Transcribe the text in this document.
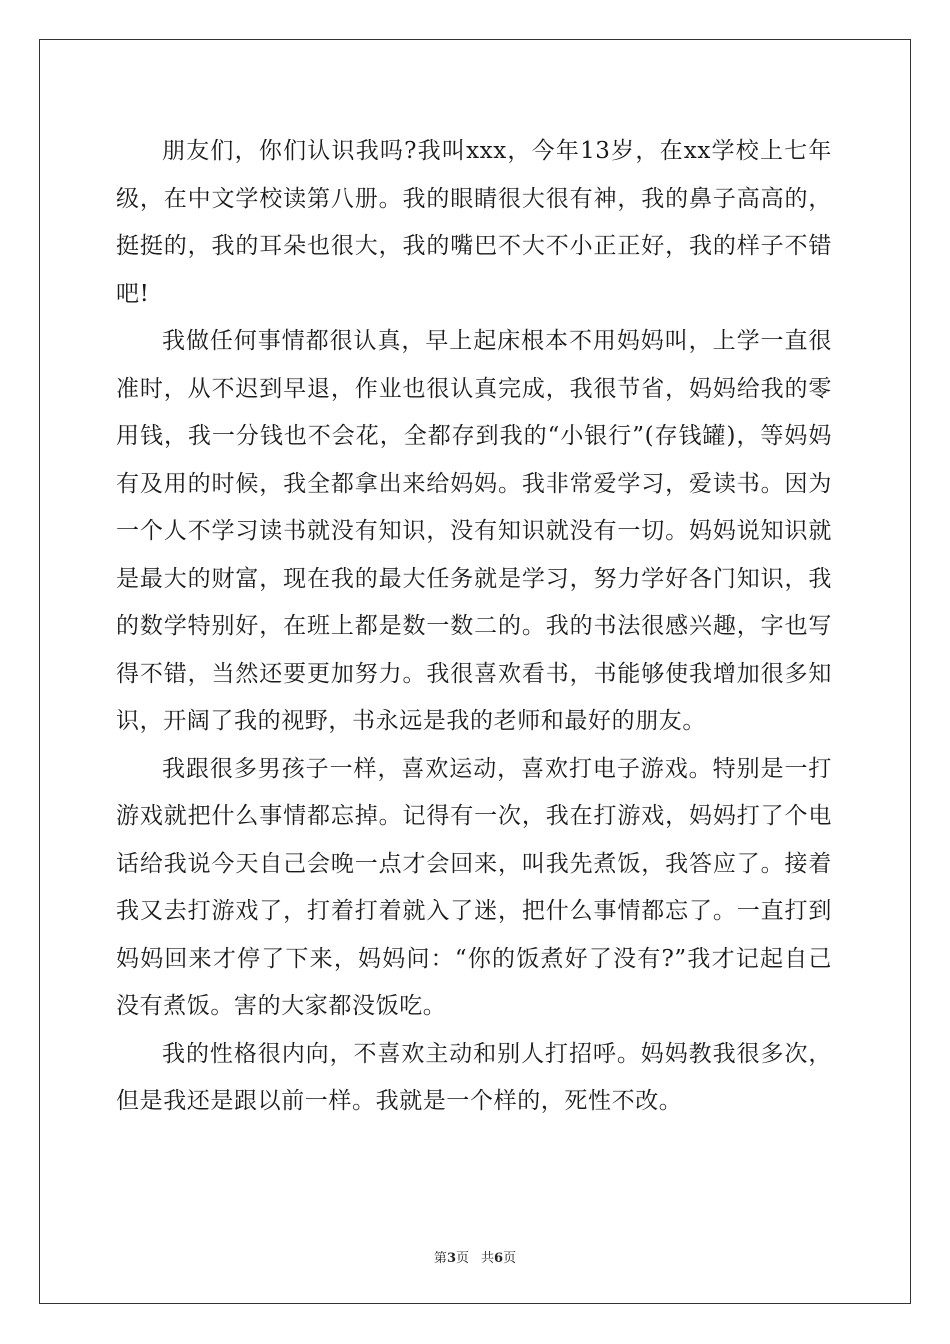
朋友们，你们认识我吗?我叫xxx，今年13岁，在xx学校上七年级，在中文学校读第八册。我的眼睛很大很有神，我的鼻子高高的，挺挺的，我的耳朵也很大，我的嘴巴不大不小正正好，我的样子不错吧!

我做任何事情都很认真，早上起床根本不用妈妈叫，上学一直很准时，从不迟到早退，作业也很认真完成，我很节省，妈妈给我的零用钱，我一分钱也不会花，全都存到我的“小银行”(存钱罐)，等妈妈有及用的时候，我全都拿出来给妈妈。我非常爱学习，爱读书。因为一个人不学习读书就没有知识，没有知识就没有一切。妈妈说知识就是最大的财富，现在我的最大任务就是学习，努力学好各门知识，我的数学特别好，在班上都是数一数二的。我的书法很感兴趣，字也写得不错，当然还要更加努力。我很喜欢看书，书能够使我增加很多知识，开阔了我的视野，书永远是我的老师和最好的朋友。

我跟很多男孩子一样，喜欢运动，喜欢打电子游戏。特别是一打游戏就把什么事情都忘掉。记得有一次，我在打游戏，妈妈打了个电话给我说今天自己会晚一点才会回来，叫我先煮饭，我答应了。接着我又去打游戏了，打着打着就入了迷，把什么事情都忘了。一直打到妈妈回来才停了下来，妈妈问：“你的饭煮好了没有?”我才记起自己没有煮饭。害的大家都没饭吃。

我的性格很内向，不喜欢主动和别人打招呼。妈妈教我很多次，但是我还是跟以前一样。我就是一个样的，死性不改。

第3页 共6页
